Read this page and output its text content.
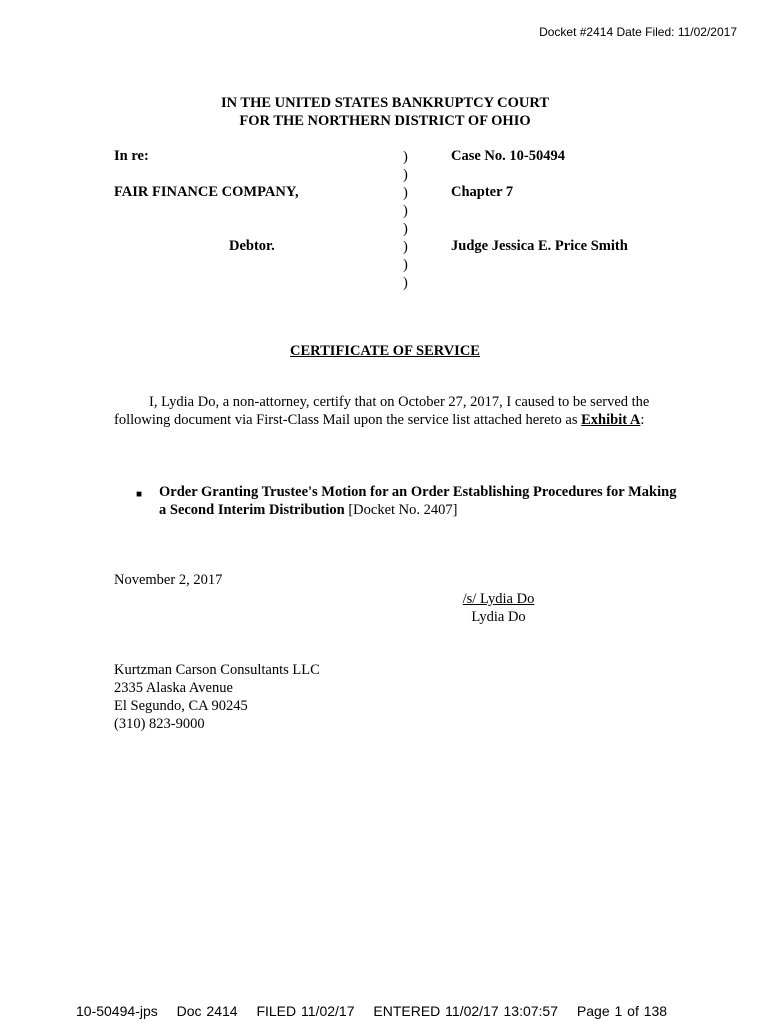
Docket #2414 Date Filed: 11/02/2017
IN THE UNITED STATES BANKRUPTCY COURT
FOR THE NORTHERN DISTRICT OF OHIO
In re:
FAIR FINANCE COMPANY,
Debtor.
)
)
)
)
)
)
)
)
Case No. 10-50494
Chapter 7
Judge Jessica E. Price Smith
CERTIFICATE OF SERVICE
I, Lydia Do, a non-attorney, certify that on October 27, 2017, I caused to be served the following document via First-Class Mail upon the service list attached hereto as Exhibit A:
■ Order Granting Trustee's Motion for an Order Establishing Procedures for Making a Second Interim Distribution [Docket No. 2407]
November 2, 2017
/s/ Lydia Do
Lydia Do
Kurtzman Carson Consultants LLC
2335 Alaska Avenue
El Segundo, CA 90245
(310) 823-9000
10-50494-jps Doc 2414 FILED 11/02/17 ENTERED 11/02/17 13:07:57 Page 1 of 138
